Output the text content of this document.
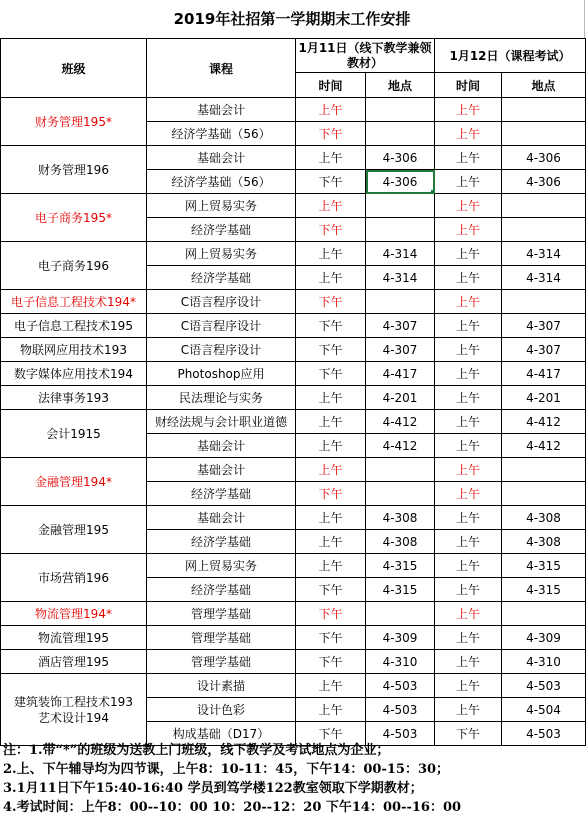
2019年社招第一学期期末工作安排
班级	课程	1月11日（线下教学兼领教材）		1月12日（课程考试）	
		时间	地点	时间	地点
财务管理195*	基础会计	上午		上午	
	经济学基础（56）	下午		上午	
财务管理196	基础会计	上午	4-306	上午	4-306
	经济学基础（56）	下午	4-306	上午	4-306
电子商务195*	网上贸易实务	上午		上午	
	经济学基础	下午		上午	
电子商务196	网上贸易实务	上午	4-314	上午	4-314
	经济学基础	上午	4-314	上午	4-314
电子信息工程技术194*	C语言程序设计	下午		上午	
电子信息工程技术195	C语言程序设计	下午	4-307	上午	4-307
物联网应用技术193	C语言程序设计	下午	4-307	上午	4-307
数字媒体应用技术194	Photoshop应用	下午	4-417	上午	4-417
法律事务193	民法理论与实务	上午	4-201	上午	4-201
会计1915	财经法规与会计职业道德	上午	4-412	上午	4-412
	基础会计	上午	4-412	上午	4-412
金融管理194*	基础会计	上午		上午	
	经济学基础	下午		上午	
金融管理195	基础会计	上午	4-308	上午	4-308
	经济学基础	上午	4-308	上午	4-308
市场营销196	网上贸易实务	上午	4-315	上午	4-315
	经济学基础	下午	4-315	上午	4-315
物流管理194*	管理学基础	下午		上午	
物流管理195	管理学基础	下午	4-309	上午	4-309
酒店管理195	管理学基础	下午	4-310	上午	4-310
建筑装饰工程技术193
艺术设计194	设计素描	上午	4-503	上午	4-503
	设计色彩	上午	4-503	上午	4-504
	构成基础（D17）	下午	4-503	下午	4-503
注：1.带“*”的班级为送教上门班级，线下教学及考试地点为企业；
2.上、下午辅导均为四节课，上午8：10-11：45，下午14：00-15：30；
3.1月11日下午15:40-16:40 学员到笃学楼122教室领取下学期教材；
4.考试时间：上午8：00--10：00 10：20--12：20 下午14：00--16：00
